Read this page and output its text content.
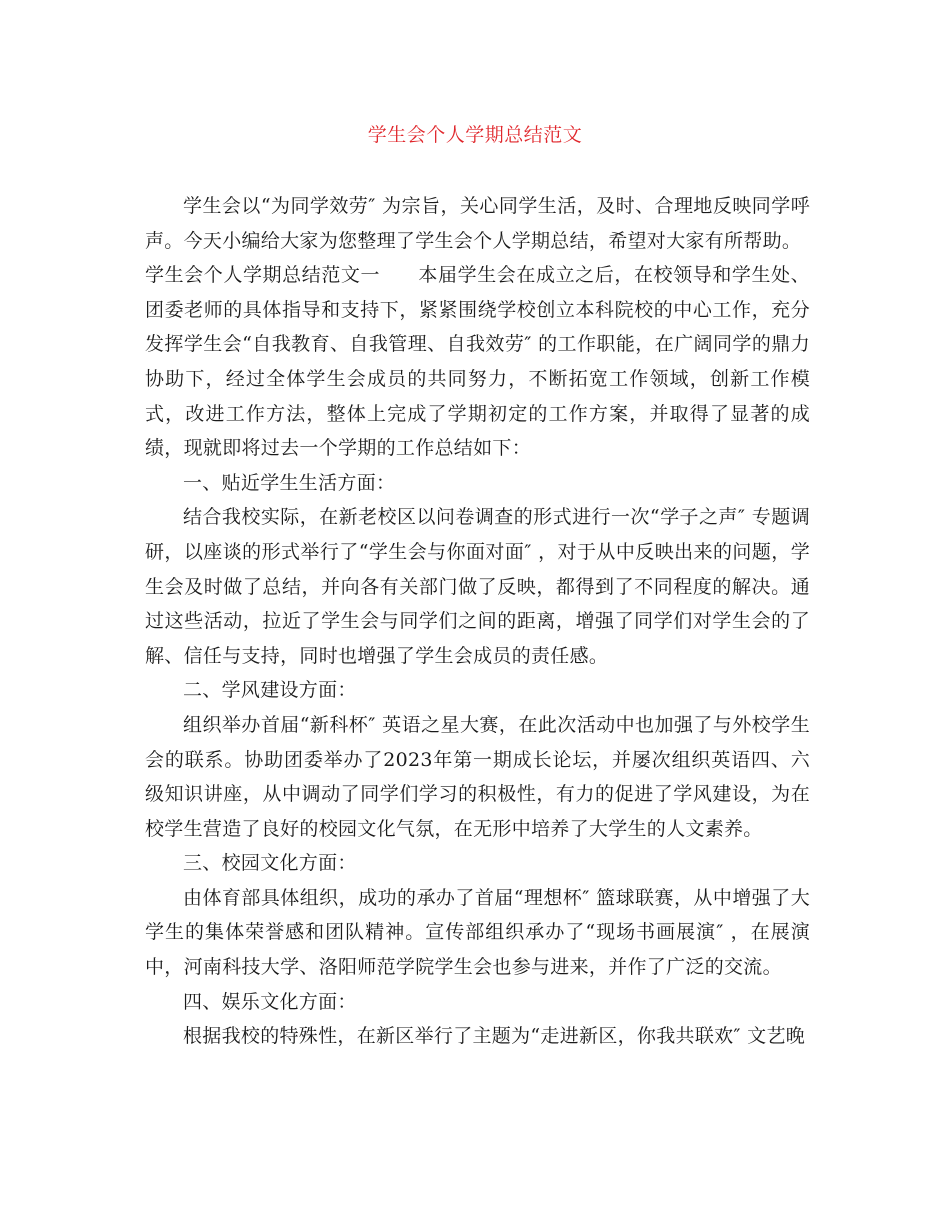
学生会个人学期总结范文

学生会以“为同学效劳″ 为宗旨，关心同学生活，及时、合理地反映同学呼声。今天小编给大家为您整理了学生会个人学期总结，希望对大家有所帮助。

学生会个人学期总结范文一 本届学生会在成立之后，在校领导和学生处、团委老师的具体指导和支持下，紧紧围绕学校创立本科院校的中心工作，充分发挥学生会“自我教育、自我管理、自我效劳″ 的工作职能，在广阔同学的鼎力协助下，经过全体学生会成员的共同努力，不断拓宽工作领域，创新工作模式，改进工作方法，整体上完成了学期初定的工作方案，并取得了显著的成绩，现就即将过去一个学期的工作总结如下：

一、贴近学生生活方面：

结合我校实际，在新老校区以问卷调查的形式进行一次“学子之声″ 专题调研，以座谈的形式举行了“学生会与你面对面″ ，对于从中反映出来的问题，学生会及时做了总结，并向各有关部门做了反映，都得到了不同程度的解决。通过这些活动，拉近了学生会与同学们之间的距离，增强了同学们对学生会的了解、信任与支持，同时也增强了学生会成员的责任感。

二、学风建设方面：

组织举办首届“新科杯″ 英语之星大赛，在此次活动中也加强了与外校学生会的联系。协助团委举办了2023年第一期成长论坛，并屡次组织英语四、六级知识讲座，从中调动了同学们学习的积极性，有力的促进了学风建设，为在校学生营造了良好的校园文化气氛，在无形中培养了大学生的人文素养。

三、校园文化方面：

由体育部具体组织，成功的承办了首届“理想杯″ 篮球联赛，从中增强了大学生的集体荣誉感和团队精神。宣传部组织承办了“现场书画展演″ ，在展演中，河南科技大学、洛阳师范学院学生会也参与进来，并作了广泛的交流。

四、娱乐文化方面：

根据我校的特殊性，在新区举行了主题为“走进新区，你我共联欢″ 文艺晚
